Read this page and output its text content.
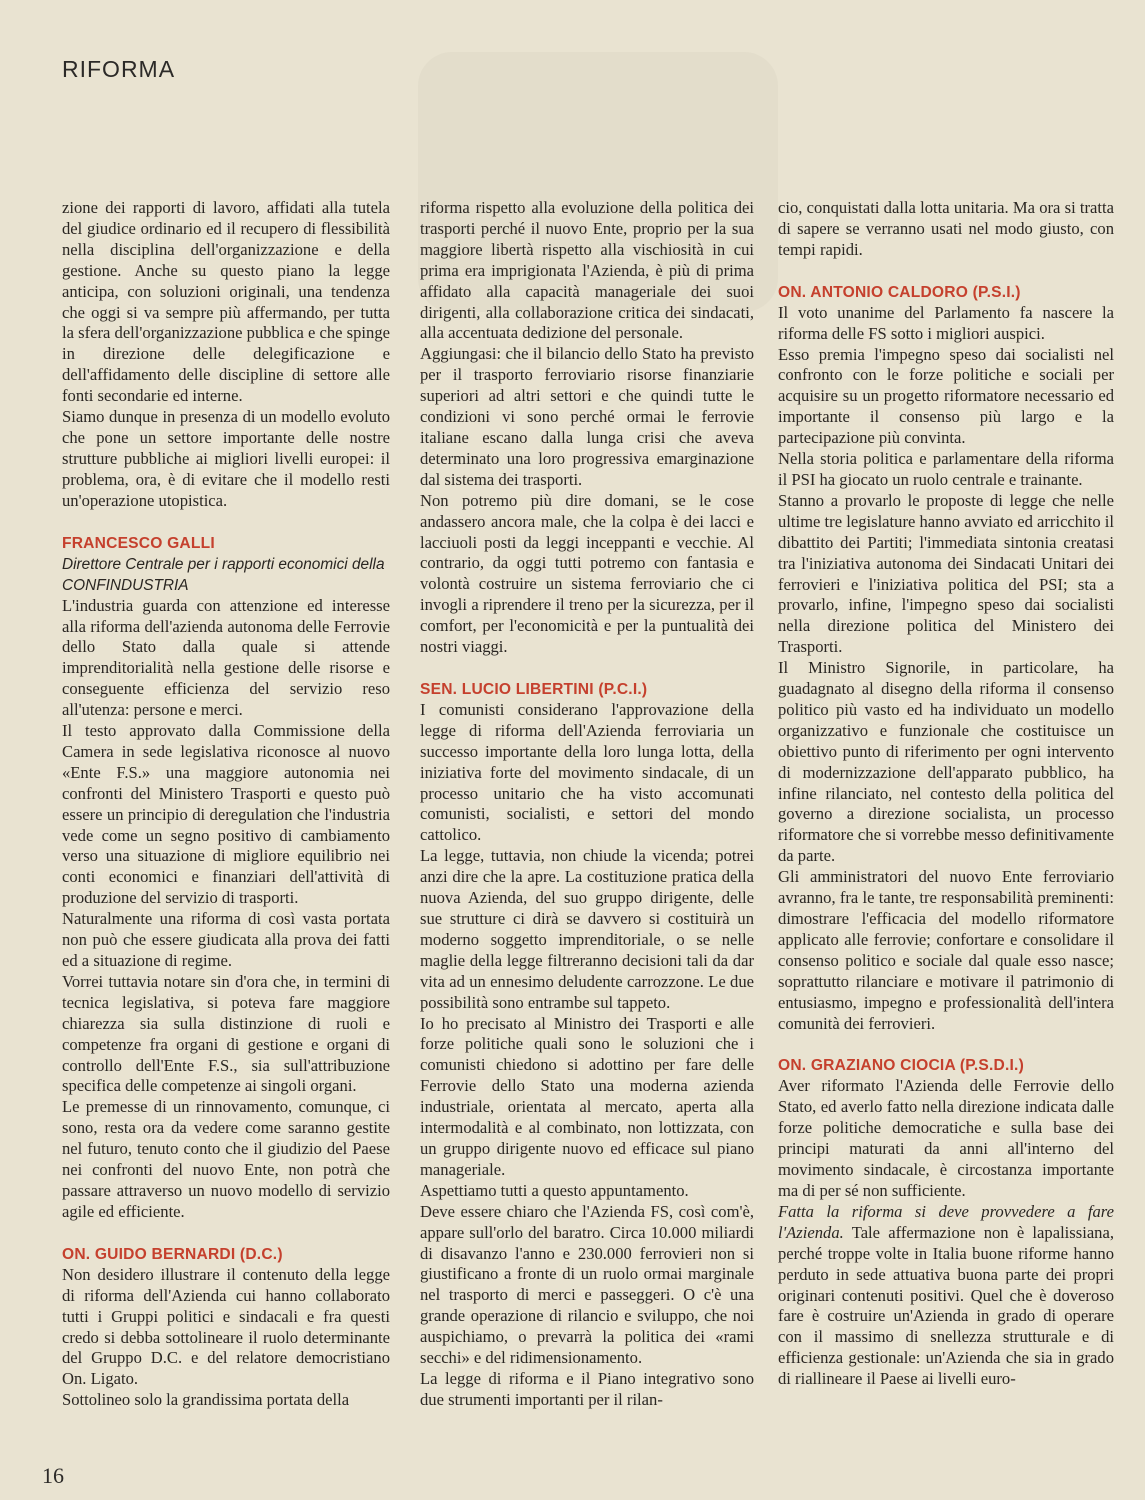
RIFORMA

zione dei rapporti di lavoro, affidati alla tutela del giudice ordinario ed il recupero di flessibilità nella disciplina dell'organizzazione e della gestione. Anche su questo piano la legge anticipa, con soluzioni originali, una tendenza che oggi si va sempre più affermando, per tutta la sfera dell'organizzazione pubblica e che spinge in direzione delle delegificazione e dell'affidamento delle discipline di settore alle fonti secondarie ed interne.

Siamo dunque in presenza di un modello evoluto che pone un settore importante delle nostre strutture pubbliche ai migliori livelli europei: il problema, ora, è di evitare che il modello resti un'operazione utopistica.

FRANCESCO GALLI

Direttore Centrale per i rapporti economici della CONFINDUSTRIA

L'industria guarda con attenzione ed interesse alla riforma dell'azienda autonoma delle Ferrovie dello Stato dalla quale si attende imprenditorialità nella gestione delle risorse e conseguente efficienza del servizio reso all'utenza: persone e merci.

Il testo approvato dalla Commissione della Camera in sede legislativa riconosce al nuovo «Ente F.S.» una maggiore autonomia nei confronti del Ministero Trasporti e questo può essere un principio di deregulation che l'industria vede come un segno positivo di cambiamento verso una situazione di migliore equilibrio nei conti economici e finanziari dell'attività di produzione del servizio di trasporti.

Naturalmente una riforma di così vasta portata non può che essere giudicata alla prova dei fatti ed a situazione di regime.

Vorrei tuttavia notare sin d'ora che, in termini di tecnica legislativa, si poteva fare maggiore chiarezza sia sulla distinzione di ruoli e competenze fra organi di gestione e organi di controllo dell'Ente F.S., sia sull'attribuzione specifica delle competenze ai singoli organi.

Le premesse di un rinnovamento, comunque, ci sono, resta ora da vedere come saranno gestite nel futuro, tenuto conto che il giudizio del Paese nei confronti del nuovo Ente, non potrà che passare attraverso un nuovo modello di servizio agile ed efficiente.

ON. GUIDO BERNARDI (D.C.)

Non desidero illustrare il contenuto della legge di riforma dell'Azienda cui hanno collaborato tutti i Gruppi politici e sindacali e fra questi credo si debba sottolineare il ruolo determinante del Gruppo D.C. e del relatore democristiano On. Ligato.

Sottolineo solo la grandissima portata della

riforma rispetto alla evoluzione della politica dei trasporti perché il nuovo Ente, proprio per la sua maggiore libertà rispetto alla vischiosità in cui prima era imprigionata l'Azienda, è più di prima affidato alla capacità manageriale dei suoi dirigenti, alla collaborazione critica dei sindacati, alla accentuata dedizione del personale.

Aggiungasi: che il bilancio dello Stato ha previsto per il trasporto ferroviario risorse finanziarie superiori ad altri settori e che quindi tutte le condizioni vi sono perché ormai le ferrovie italiane escano dalla lunga crisi che aveva determinato una loro progressiva emarginazione dal sistema dei trasporti.

Non potremo più dire domani, se le cose andassero ancora male, che la colpa è dei lacci e lacciuoli posti da leggi inceppanti e vecchie. Al contrario, da oggi tutti potremo con fantasia e volontà costruire un sistema ferroviario che ci invogli a riprendere il treno per la sicurezza, per il comfort, per l'economicità e per la puntualità dei nostri viaggi.

SEN. LUCIO LIBERTINI (P.C.I.)

I comunisti considerano l'approvazione della legge di riforma dell'Azienda ferroviaria un successo importante della loro lunga lotta, della iniziativa forte del movimento sindacale, di un processo unitario che ha visto accomunati comunisti, socialisti, e settori del mondo cattolico.

La legge, tuttavia, non chiude la vicenda; potrei anzi dire che la apre. La costituzione pratica della nuova Azienda, del suo gruppo dirigente, delle sue strutture ci dirà se davvero si costituirà un moderno soggetto imprenditoriale, o se nelle maglie della legge filtreranno decisioni tali da dar vita ad un ennesimo deludente carrozzone. Le due possibilità sono entrambe sul tappeto.

Io ho precisato al Ministro dei Trasporti e alle forze politiche quali sono le soluzioni che i comunisti chiedono si adottino per fare delle Ferrovie dello Stato una moderna azienda industriale, orientata al mercato, aperta alla intermodalità e al combinato, non lottizzata, con un gruppo dirigente nuovo ed efficace sul piano manageriale.

Aspettiamo tutti a questo appuntamento.

Deve essere chiaro che l'Azienda FS, così com'è, appare sull'orlo del baratro. Circa 10.000 miliardi di disavanzo l'anno e 230.000 ferrovieri non si giustificano a fronte di un ruolo ormai marginale nel trasporto di merci e passeggeri. O c'è una grande operazione di rilancio e sviluppo, che noi auspichiamo, o prevarrà la politica dei «rami secchi» e del ridimensionamento.

La legge di riforma e il Piano integrativo sono due strumenti importanti per il rilan-

cio, conquistati dalla lotta unitaria. Ma ora si tratta di sapere se verranno usati nel modo giusto, con tempi rapidi.

ON. ANTONIO CALDORO (P.S.I.)

Il voto unanime del Parlamento fa nascere la riforma delle FS sotto i migliori auspici.

Esso premia l'impegno speso dai socialisti nel confronto con le forze politiche e sociali per acquisire su un progetto riformatore necessario ed importante il consenso più largo e la partecipazione più convinta.

Nella storia politica e parlamentare della riforma il PSI ha giocato un ruolo centrale e trainante.

Stanno a provarlo le proposte di legge che nelle ultime tre legislature hanno avviato ed arricchito il dibattito dei Partiti; l'immediata sintonia creatasi tra l'iniziativa autonoma dei Sindacati Unitari dei ferrovieri e l'iniziativa politica del PSI; sta a provarlo, infine, l'impegno speso dai socialisti nella direzione politica del Ministero dei Trasporti.

Il Ministro Signorile, in particolare, ha guadagnato al disegno della riforma il consenso politico più vasto ed ha individuato un modello organizzativo e funzionale che costituisce un obiettivo punto di riferimento per ogni intervento di modernizzazione dell'apparato pubblico, ha infine rilanciato, nel contesto della politica del governo a direzione socialista, un processo riformatore che si vorrebbe messo definitivamente da parte.

Gli amministratori del nuovo Ente ferroviario avranno, fra le tante, tre responsabilità preminenti: dimostrare l'efficacia del modello riformatore applicato alle ferrovie; confortare e consolidare il consenso politico e sociale dal quale esso nasce; soprattutto rilanciare e motivare il patrimonio di entusiasmo, impegno e professionalità dell'intera comunità dei ferrovieri.

ON. GRAZIANO CIOCIA (P.S.D.I.)

Aver riformato l'Azienda delle Ferrovie dello Stato, ed averlo fatto nella direzione indicata dalle forze politiche democratiche e sulla base dei principi maturati da anni all'interno del movimento sindacale, è circostanza importante ma di per sé non sufficiente.

Fatta la riforma si deve provvedere a fare l'Azienda. Tale affermazione non è lapalissiana, perché troppe volte in Italia buone riforme hanno perduto in sede attuativa buona parte dei propri originari contenuti positivi. Quel che è doveroso fare è costruire un'Azienda in grado di operare con il massimo di snellezza strutturale e di efficienza gestionale: un'Azienda che sia in grado di riallineare il Paese ai livelli euro-

16
